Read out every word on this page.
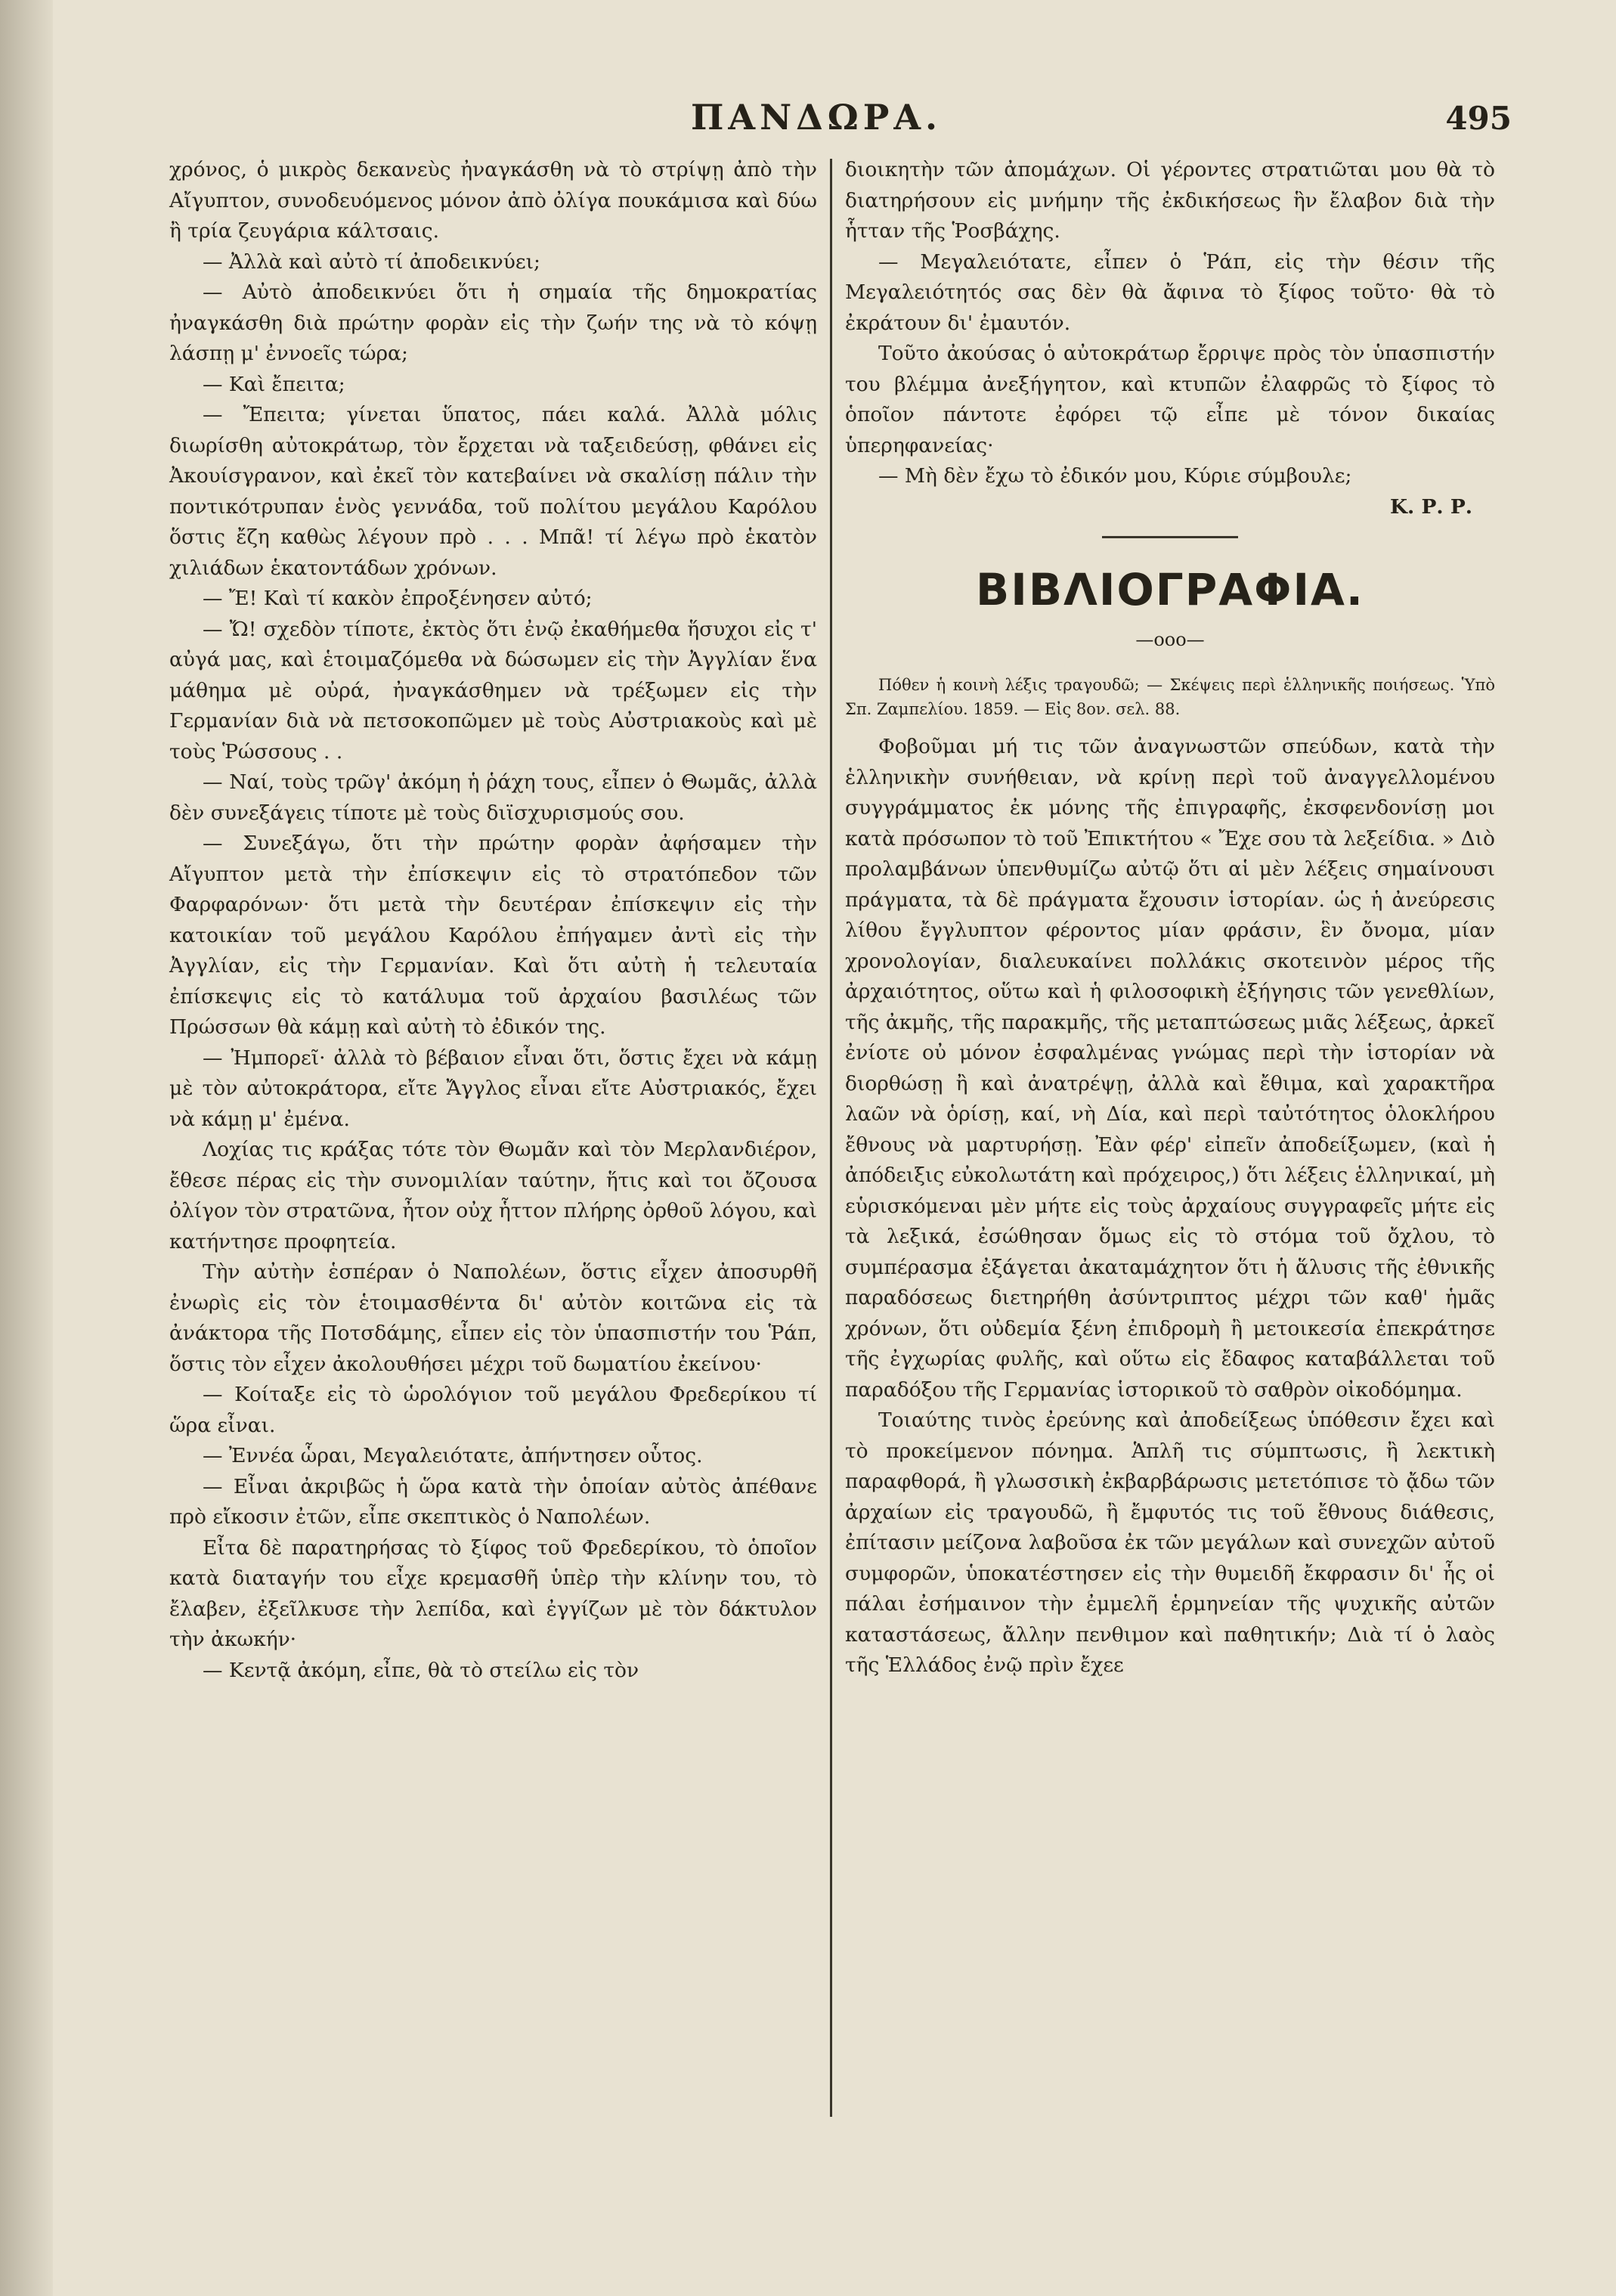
ΠΑΝΔΩΡΑ.	495

χρόνος, ὁ μικρὸς δεκανεὺς ἠναγκάσθη νὰ τὸ στρίψῃ ἀπὸ τὴν Αἴγυπτον, συνοδευόμενος μόνον ἀπὸ ὀλίγα πουκάμισα καὶ δύω ἢ τρία ζευγάρια κάλτσαις.

— Ἀλλὰ καὶ αὐτὸ τί ἀποδεικνύει;

— Αὐτὸ ἀποδεικνύει ὅτι ἡ σημαία τῆς δημοκρατίας ἠναγκάσθη διὰ πρώτην φορὰν εἰς τὴν ζωήν της νὰ τὸ κόψῃ λάσπῃ μ' ἐννοεῖς τώρα;

— Καὶ ἔπειτα;

— Ἔπειτα; γίνεται ὕπατος, πάει καλά. Ἀλλὰ μόλις διωρίσθη αὐτοκράτωρ, τὸν ἔρχεται νὰ ταξειδεύσῃ, φθάνει εἰς Ἀκουίσγρανον, καὶ ἐκεῖ τὸν κατεβαίνει νὰ σκαλίσῃ πάλιν τὴν ποντικότρυπαν ἑνὸς γεννάδα, τοῦ πολίτου μεγάλου Καρόλου ὅστις ἔζη καθὼς λέγουν πρὸ . . . Μπᾶ! τί λέγω πρὸ ἑκατὸν χιλιάδων ἑκατοντάδων χρόνων.

— Ἔ! Καὶ τί κακὸν ἐπροξένησεν αὐτό;

— Ὤ! σχεδὸν τίποτε, ἐκτὸς ὅτι ἐνῷ ἐκαθήμεθα ἥσυχοι εἰς τ' αὐγά μας, καὶ ἑτοιμαζόμεθα νὰ δώσωμεν εἰς τὴν Ἀγγλίαν ἕνα μάθημα μὲ οὐρά, ἠναγκάσθημεν νὰ τρέξωμεν εἰς τὴν Γερμανίαν διὰ νὰ πετσοκοπῶμεν μὲ τοὺς Αὐστριακοὺς καὶ μὲ τοὺς Ῥώσσους . .

— Ναί, τοὺς τρῶγ' ἀκόμη ἡ ῥάχη τους, εἶπεν ὁ Θωμᾶς, ἀλλὰ δὲν συνεξάγεις τίποτε μὲ τοὺς διϊσχυρισμούς σου.

— Συνεξάγω, ὅτι τὴν πρώτην φορὰν ἀφήσαμεν τὴν Αἴγυπτον μετὰ τὴν ἐπίσκεψιν εἰς τὸ στρατόπεδον τῶν Φαρφαρόνων· ὅτι μετὰ τὴν δευτέραν ἐπίσκεψιν εἰς τὴν κατοικίαν τοῦ μεγάλου Καρόλου ἐπήγαμεν ἀντὶ εἰς τὴν Ἀγγλίαν, εἰς τὴν Γερμανίαν. Καὶ ὅτι αὐτὴ ἡ τελευταία ἐπίσκεψις εἰς τὸ κατάλυμα τοῦ ἀρχαίου βασιλέως τῶν Πρώσσων θὰ κάμῃ καὶ αὐτὴ τὸ ἐδικόν της.

— Ἠμπορεῖ· ἀλλὰ τὸ βέβαιον εἶναι ὅτι, ὅστις ἔχει νὰ κάμῃ μὲ τὸν αὐτοκράτορα, εἴτε Ἄγγλος εἶναι εἴτε Αὐστριακός, ἔχει νὰ κάμῃ μ' ἐμένα.

Λοχίας τις κράξας τότε τὸν Θωμᾶν καὶ τὸν Μερλανδιέρον, ἔθεσε πέρας εἰς τὴν συνομιλίαν ταύτην, ἥτις καὶ τοι ὄζουσα ὀλίγον τὸν στρατῶνα, ἦτον οὐχ ἧττον πλήρης ὀρθοῦ λόγου, καὶ κατήντησε προφητεία.

Τὴν αὐτὴν ἑσπέραν ὁ Ναπολέων, ὅστις εἶχεν ἀποσυρθῆ ἐνωρὶς εἰς τὸν ἑτοιμασθέντα δι' αὐτὸν κοιτῶνα εἰς τὰ ἀνάκτορα τῆς Ποτσδάμης, εἶπεν εἰς τὸν ὑπασπιστήν του Ῥάπ, ὅστις τὸν εἶχεν ἀκολουθήσει μέχρι τοῦ δωματίου ἐκείνου·

— Κοίταξε εἰς τὸ ὡρολόγιον τοῦ μεγάλου Φρεδερίκου τί ὥρα εἶναι.

— Ἐννέα ὧραι, Μεγαλειότατε, ἀπήντησεν οὗτος.

— Εἶναι ἀκριβῶς ἡ ὥρα κατὰ τὴν ὁποίαν αὐτὸς ἀπέθανε πρὸ εἴκοσιν ἐτῶν, εἶπε σκεπτικὸς ὁ Ναπολέων.

Εἶτα δὲ παρατηρήσας τὸ ξίφος τοῦ Φρεδερίκου, τὸ ὁποῖον κατὰ διαταγήν του εἶχε κρεμασθῆ ὑπὲρ τὴν κλίνην του, τὸ ἔλαβεν, ἐξεῖλκυσε τὴν λεπίδα, καὶ ἐγγίζων μὲ τὸν δάκτυλον τὴν ἀκωκήν·

— Κεντᾷ ἀκόμη, εἶπε, θὰ τὸ στείλω εἰς τὸν

διοικητὴν τῶν ἀπομάχων. Οἱ γέροντες στρατιῶται μου θὰ τὸ διατηρήσουν εἰς μνήμην τῆς ἐκδικήσεως ἣν ἔλαβον διὰ τὴν ἧτταν τῆς Ῥοσβάχης.

— Μεγαλειότατε, εἶπεν ὁ Ῥάπ, εἰς τὴν θέσιν τῆς Μεγαλειότητός σας δὲν θὰ ἄφινα τὸ ξίφος τοῦτο· θὰ τὸ ἐκράτουν δι' ἐμαυτόν.

Τοῦτο ἀκούσας ὁ αὐτοκράτωρ ἔρριψε πρὸς τὸν ὑπασπιστήν του βλέμμα ἀνεξήγητον, καὶ κτυπῶν ἐλαφρῶς τὸ ξίφος τὸ ὁποῖον πάντοτε ἐφόρει τῷ εἶπε μὲ τόνον δικαίας ὑπερηφανείας·

— Μὴ δὲν ἔχω τὸ ἐδικόν μου, Κύριε σύμβουλε;

Κ. Ρ. Ρ.

ΒΙΒΛΙΟΓΡΑΦΙΑ.
—ooo—

Πόθεν ἡ κοινὴ λέξις τραγουδῶ; — Σκέψεις περὶ ἑλληνικῆς ποιήσεως. Ὑπὸ Σπ. Ζαμπελίου. 1859. — Εἰς 8ον. σελ. 88.

Φοβοῦμαι μή τις τῶν ἀναγνωστῶν σπεύδων, κατὰ τὴν ἑλληνικὴν συνήθειαν, νὰ κρίνῃ περὶ τοῦ ἀναγγελλομένου συγγράμματος ἐκ μόνης τῆς ἐπιγραφῆς, ἐκσφενδονίσῃ μοι κατὰ πρόσωπον τὸ τοῦ Ἐπικτήτου « Ἔχε σου τὰ λεξείδια. » Διὸ προλαμβάνων ὑπενθυμίζω αὐτῷ ὅτι αἱ μὲν λέξεις σημαίνουσι πράγματα, τὰ δὲ πράγματα ἔχουσιν ἱστορίαν. ὡς ἡ ἀνεύρεσις λίθου ἔγγλυπτον φέροντος μίαν φράσιν, ἓν ὄνομα, μίαν χρονολογίαν, διαλευκαίνει πολλάκις σκοτεινὸν μέρος τῆς ἀρχαιότητος, οὕτω καὶ ἡ φιλοσοφικὴ ἐξήγησις τῶν γενεθλίων, τῆς ἀκμῆς, τῆς παρακμῆς, τῆς μεταπτώσεως μιᾶς λέξεως, ἀρκεῖ ἐνίοτε οὐ μόνον ἐσφαλμένας γνώμας περὶ τὴν ἱστορίαν νὰ διορθώσῃ ἢ καὶ ἀνατρέψῃ, ἀλλὰ καὶ ἔθιμα, καὶ χαρακτῆρα λαῶν νὰ ὁρίσῃ, καί, νὴ Δία, καὶ περὶ ταὐτότητος ὁλοκλήρου ἔθνους νὰ μαρτυρήσῃ. Ἐὰν φέρ' εἰπεῖν ἀποδείξωμεν, (καὶ ἡ ἀπόδειξις εὐκολωτάτη καὶ πρόχειρος,) ὅτι λέξεις ἑλληνικαί, μὴ εὑρισκόμεναι μὲν μήτε εἰς τοὺς ἀρχαίους συγγραφεῖς μήτε εἰς τὰ λεξικά, ἐσώθησαν ὅμως εἰς τὸ στόμα τοῦ ὄχλου, τὸ συμπέρασμα ἐξάγεται ἀκαταμάχητον ὅτι ἡ ἅλυσις τῆς ἐθνικῆς παραδόσεως διετηρήθη ἀσύντριπτος μέχρι τῶν καθ' ἡμᾶς χρόνων, ὅτι οὐδεμία ξένη ἐπιδρομὴ ἢ μετοικεσία ἐπεκράτησε τῆς ἐγχωρίας φυλῆς, καὶ οὕτω εἰς ἔδαφος καταβάλλεται τοῦ παραδόξου τῆς Γερμανίας ἱστορικοῦ τὸ σαθρὸν οἰκοδόμημα.

Τοιαύτης τινὸς ἐρεύνης καὶ ἀποδείξεως ὑπόθεσιν ἔχει καὶ τὸ προκείμενον πόνημα. Ἁπλῆ τις σύμπτωσις, ἢ λεκτικὴ παραφθορά, ἢ γλωσσικὴ ἐκβαρβάρωσις μετετόπισε τὸ ᾄδω τῶν ἀρχαίων εἰς τραγουδῶ, ἢ ἔμφυτός τις τοῦ ἔθνους διάθεσις, ἐπίτασιν μείζονα λαβοῦσα ἐκ τῶν μεγάλων καὶ συνεχῶν αὐτοῦ συμφορῶν, ὑποκατέστησεν εἰς τὴν θυμειδῆ ἔκφρασιν δι' ἧς οἱ πάλαι ἐσήμαινον τὴν ἐμμελῆ ἑρμηνείαν τῆς ψυχικῆς αὐτῶν καταστάσεως, ἄλλην πενθιμον καὶ παθητικήν; Διὰ τί ὁ λαὸς τῆς Ἑλλάδος ἐνῷ πρὶν ἔχεε
